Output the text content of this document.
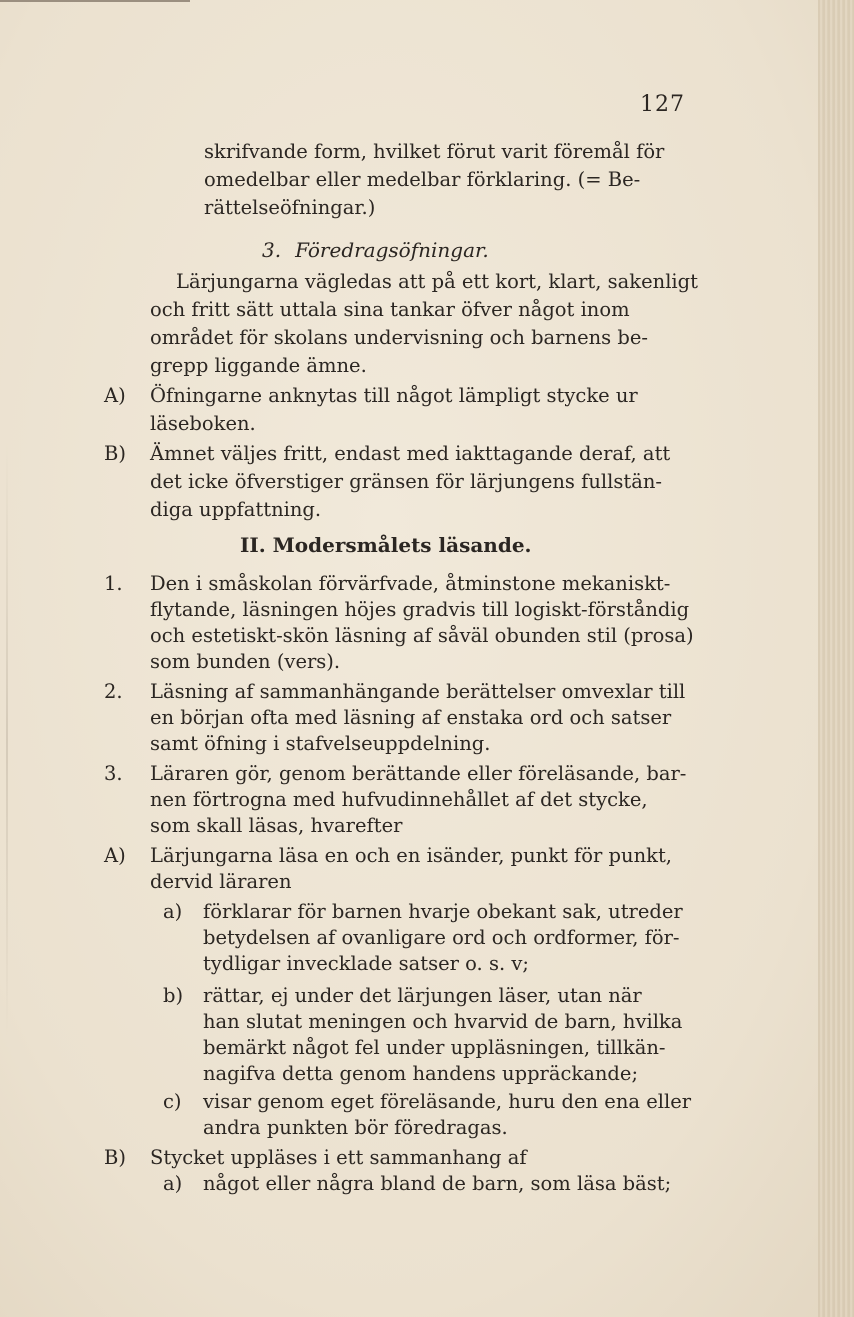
127
skrifvande form, hvilket förut varit föremål för
omedelbar eller medelbar förklaring. (= Be-
rättelseöfningar.)
3. Föredragsöfningar.
Lärjungarna vägledas att på ett kort, klart, sakenligt
och fritt sätt uttala sina tankar öfver något inom
området för skolans undervisning och barnens be-
grepp liggande ämne.
A) Öfningarne anknytas till något lämpligt stycke ur
läseboken.
B) Ämnet väljes fritt, endast med iakttagande deraf, att
det icke öfverstiger gränsen för lärjungens fullstän-
diga uppfattning.
II. Modersmålets läsande.
1. Den i småskolan förvärfvade, åtminstone mekaniskt-
flytande, läsningen höjes gradvis till logiskt-förståndig
och estetiskt-skön läsning af såväl obunden stil (prosa)
som bunden (vers).
2. Läsning af sammanhängande berättelser omvexlar till
en början ofta med läsning af enstaka ord och satser
samt öfning i stafvelseuppdelning.
3. Läraren gör, genom berättande eller föreläsande, bar-
nen förtrogna med hufvudinnehållet af det stycke,
som skall läsas, hvarefter
A) Lärjungarna läsa en och en isänder, punkt för punkt,
dervid läraren
a) förklarar för barnen hvarje obekant sak, utreder
betydelsen af ovanligare ord och ordformer, för-
tydligar invecklade satser o. s. v;
b) rättar, ej under det lärjungen läser, utan när
han slutat meningen och hvarvid de barn, hvilka
bemärkt något fel under uppläsningen, tillkän-
nagifva detta genom handens uppräckande;
c) visar genom eget föreläsande, huru den ena eller
andra punkten bör föredragas.
B) Stycket uppläses i ett sammanhang af
a) något eller några bland de barn, som läsa bäst;
